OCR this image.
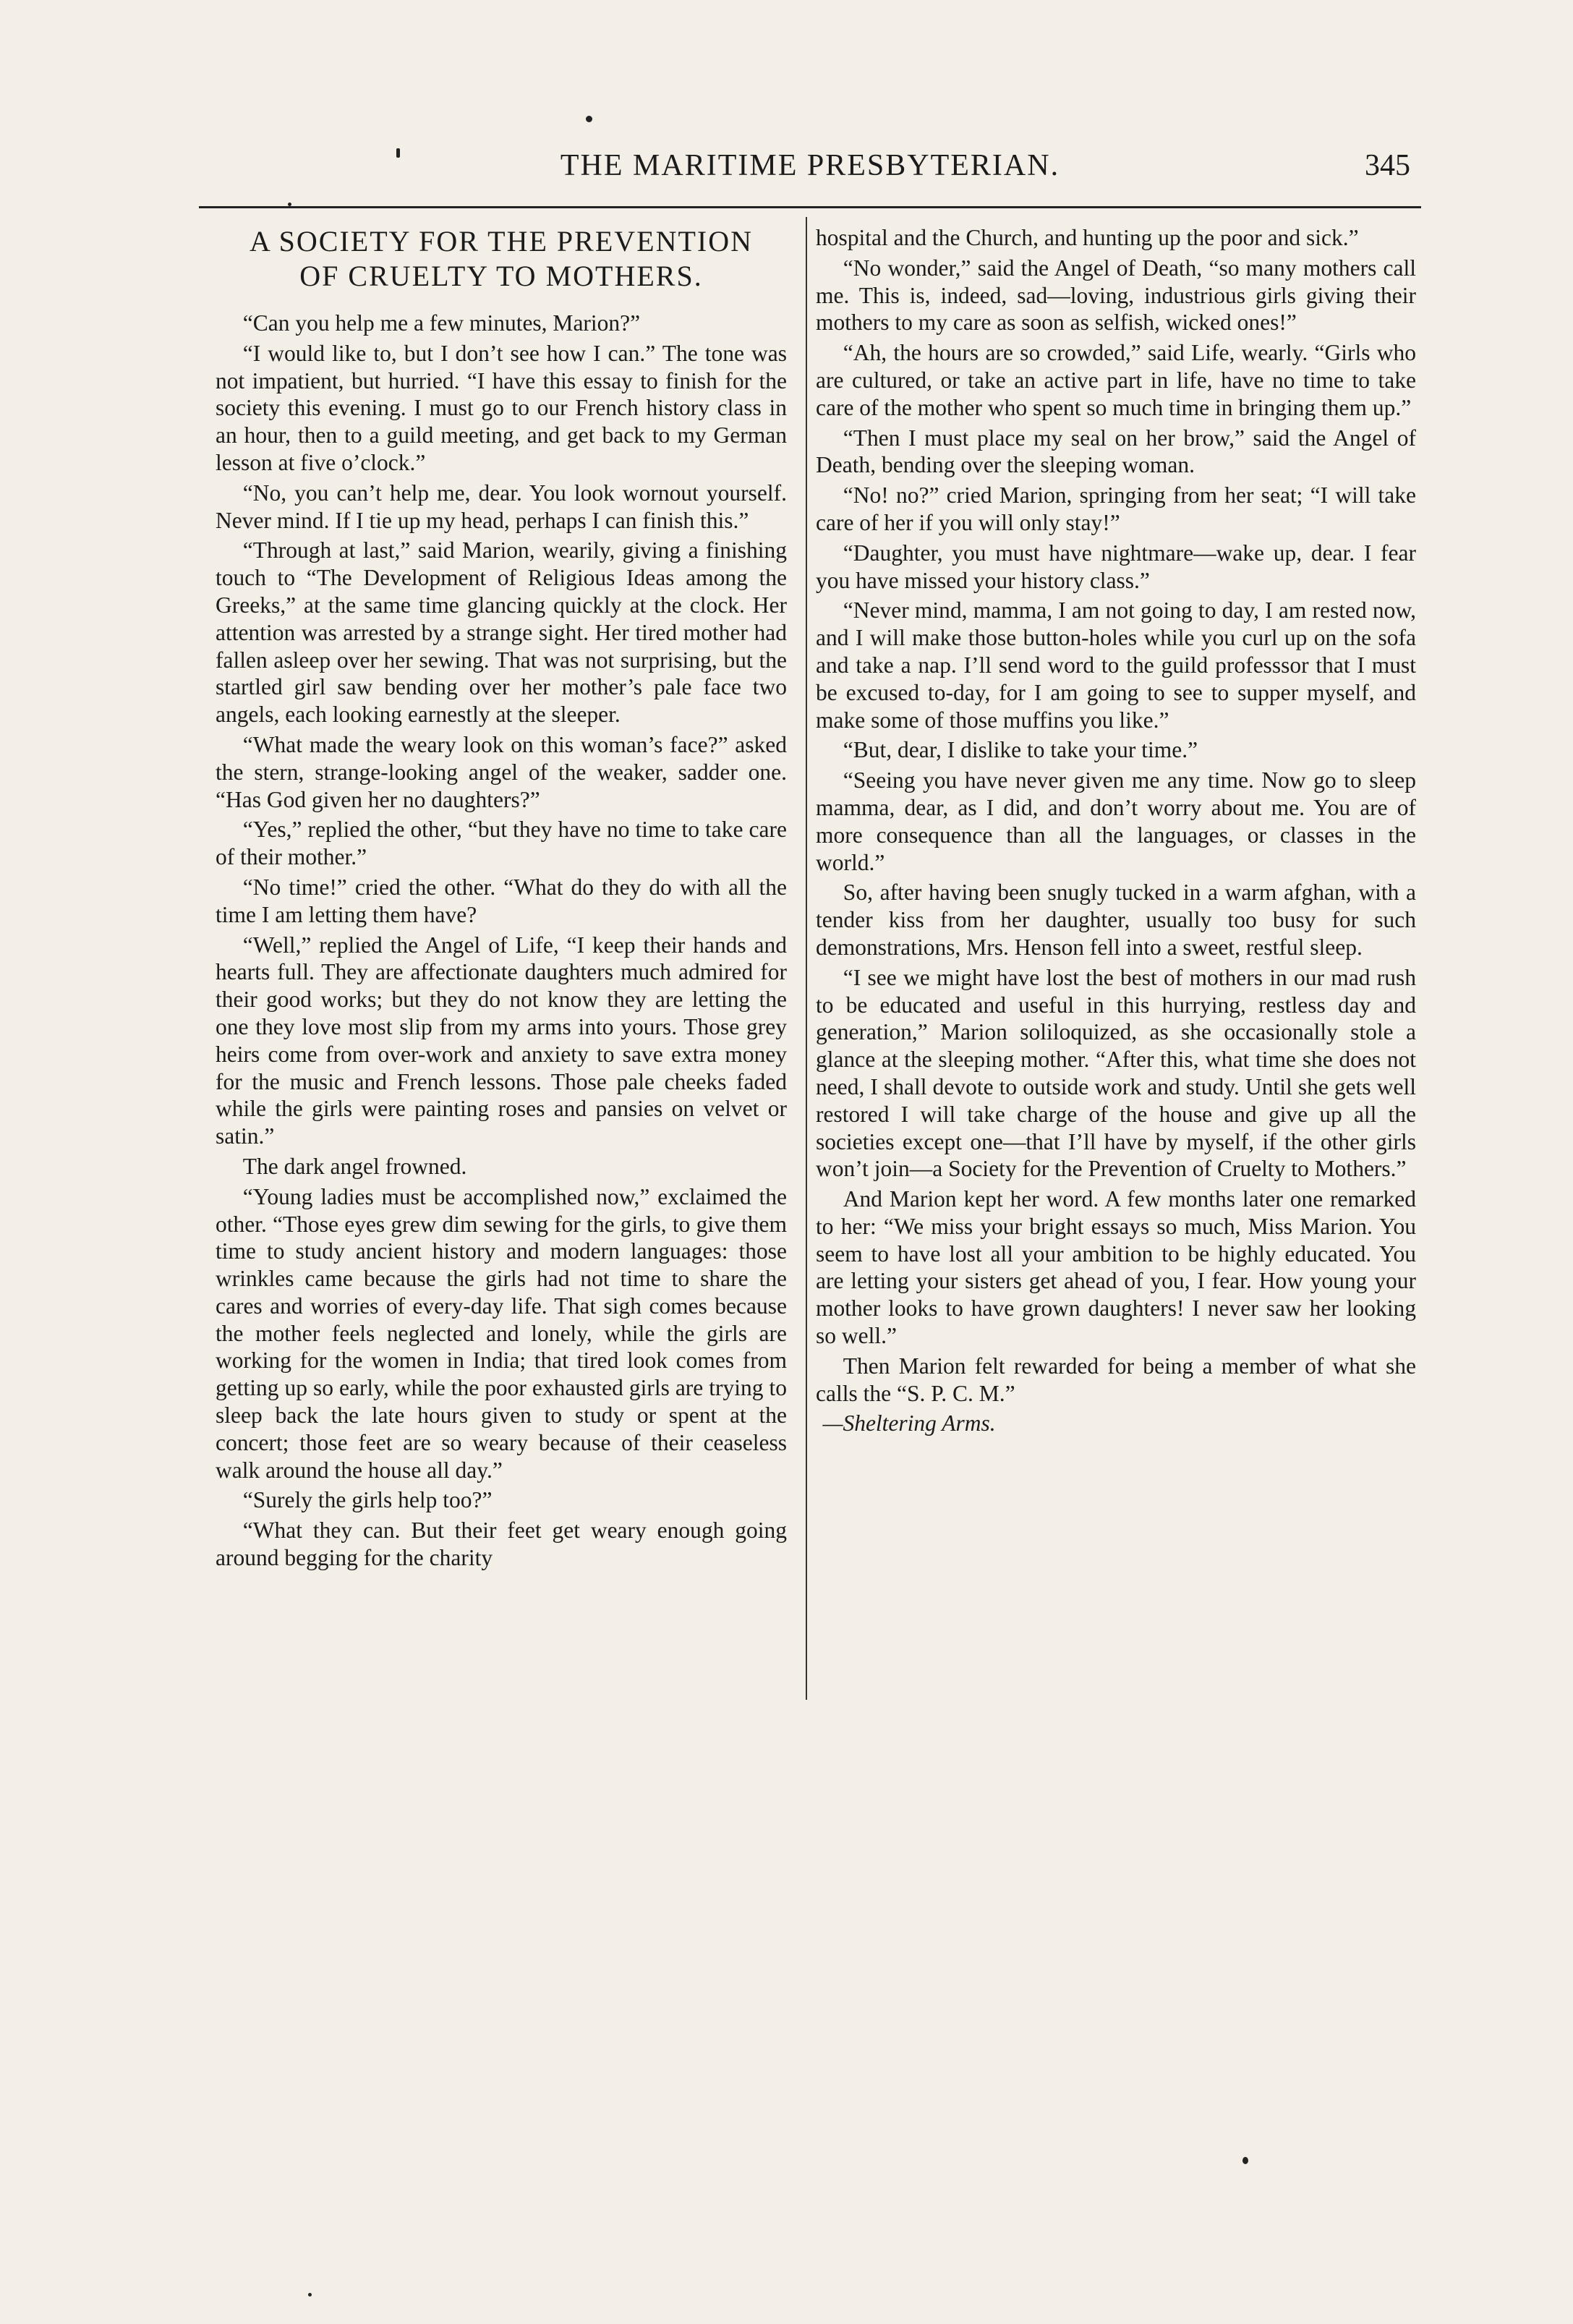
THE MARITIME PRESBYTERIAN.	345
A SOCIETY FOR THE PREVENTION
OF CRUELTY TO MOTHERS.

“Can you help me a few minutes, Marion?”

“I would like to, but I don’t see how I can.” The tone was not impatient, but hurried. “I have this essay to finish for the society this evening. I must go to our French history class in an hour, then to a guild meeting, and get back to my German lesson at five o’clock.”

“No, you can’t help me, dear. You look wornout yourself. Never mind. If I tie up my head, perhaps I can finish this.”

“Through at last,” said Marion, wearily, giving a finishing touch to “The Development of Religious Ideas among the Greeks,” at the same time glancing quickly at the clock. Her attention was arrested by a strange sight. Her tired mother had fallen asleep over her sewing. That was not surprising, but the startled girl saw bending over her mother’s pale face two angels, each looking earnestly at the sleeper.

“What made the weary look on this woman’s face?” asked the stern, strange-looking angel of the weaker, sadder one. “Has God given her no daughters?”

“Yes,” replied the other, “but they have no time to take care of their mother.”

“No time!” cried the other. “What do they do with all the time I am letting them have?

“Well,” replied the Angel of Life, “I keep their hands and hearts full. They are affectionate daughters much admired for their good works; but they do not know they are letting the one they love most slip from my arms into yours. Those grey heirs come from over-work and anxiety to save extra money for the music and French lessons. Those pale cheeks faded while the girls were painting roses and pansies on velvet or satin.”

The dark angel frowned.

“Young ladies must be accomplished now,” exclaimed the other. “Those eyes grew dim sewing for the girls, to give them time to study ancient history and modern languages: those wrinkles came because the girls had not time to share the cares and worries of every-day life. That sigh comes because the mother feels neglected and lonely, while the girls are working for the women in India; that tired look comes from getting up so early, while the poor exhausted girls are trying to sleep back the late hours given to study or spent at the concert; those feet are so weary because of their ceaseless walk around the house all day.”

“Surely the girls help too?”

“What they can. But their feet get weary enough going around begging for the charity

hospital and the Church, and hunting up the poor and sick.”

“No wonder,” said the Angel of Death, “so many mothers call me. This is, indeed, sad—loving, industrious girls giving their mothers to my care as soon as selfish, wicked ones!”

“Ah, the hours are so crowded,” said Life, wearly. “Girls who are cultured, or take an active part in life, have no time to take care of the mother who spent so much time in bringing them up.”

“Then I must place my seal on her brow,” said the Angel of Death, bending over the sleeping woman.

“No! no?” cried Marion, springing from her seat; “I will take care of her if you will only stay!”

“Daughter, you must have nightmare—wake up, dear. I fear you have missed your history class.”

“Never mind, mamma, I am not going to day, I am rested now, and I will make those button-holes while you curl up on the sofa and take a nap. I’ll send word to the guild professsor that I must be excused to-day, for I am going to see to supper myself, and make some of those muffins you like.”

“But, dear, I dislike to take your time.”

“Seeing you have never given me any time. Now go to sleep mamma, dear, as I did, and don’t worry about me. You are of more consequence than all the languages, or classes in the world.”

So, after having been snugly tucked in a warm afghan, with a tender kiss from her daughter, usually too busy for such demonstrations, Mrs. Henson fell into a sweet, restful sleep.

“I see we might have lost the best of mothers in our mad rush to be educated and useful in this hurrying, restless day and generation,” Marion soliloquized, as she occasionally stole a glance at the sleeping mother. “After this, what time she does not need, I shall devote to outside work and study. Until she gets well restored I will take charge of the house and give up all the societies except one—that I’ll have by myself, if the other girls won’t join—a Society for the Prevention of Cruelty to Mothers.”

And Marion kept her word. A few months later one remarked to her: “We miss your bright essays so much, Miss Marion. You seem to have lost all your ambition to be highly educated. You are letting your sisters get ahead of you, I fear. How young your mother looks to have grown daughters! I never saw her looking so well.”

Then Marion felt rewarded for being a member of what she calls the “S. P. C. M.”

—Sheltering Arms.
